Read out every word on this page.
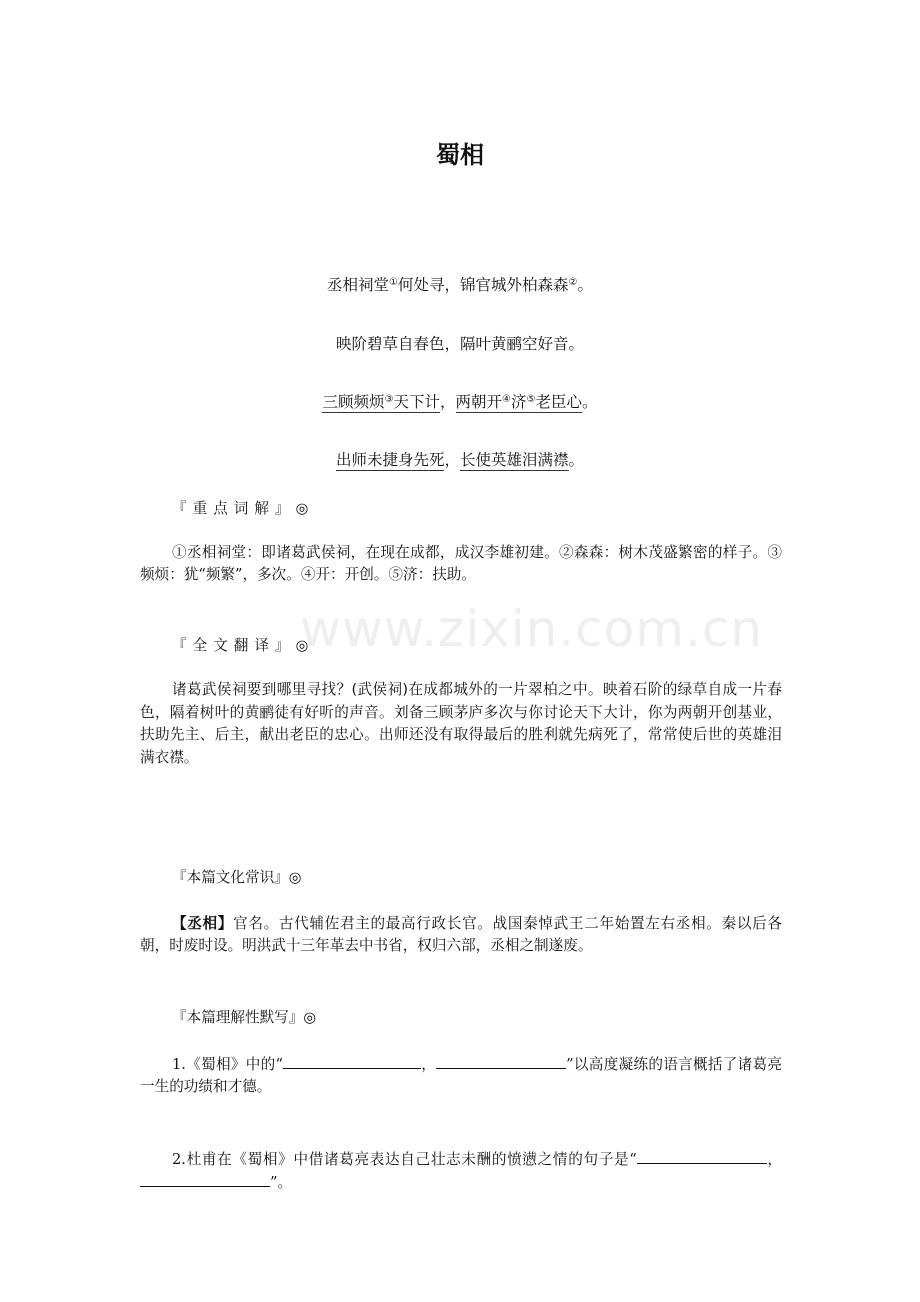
www.zixin.com.cn
蜀相
丞相祠堂①何处寻，锦官城外柏森森②。
映阶碧草自春色，隔叶黄鹂空好音。
三顾频烦③天下计，两朝开④济⑤老臣心。
出师未捷身先死，长使英雄泪满襟。
『重点词解』◎
①丞相祠堂：即诸葛武侯祠，在现在成都，成汉李雄初建。②森森：树木茂盛繁密的样子。③频烦：犹“频繁”，多次。④开：开创。⑤济：扶助。
『全文翻译』◎
诸葛武侯祠要到哪里寻找？(武侯祠)在成都城外的一片翠柏之中。映着石阶的绿草自成一片春色，隔着树叶的黄鹂徒有好听的声音。刘备三顾茅庐多次与你讨论天下大计，你为两朝开创基业，扶助先主、后主，献出老臣的忠心。出师还没有取得最后的胜利就先病死了，常常使后世的英雄泪满衣襟。
『本篇文化常识』◎
【丞相】官名。古代辅佐君主的最高行政长官。战国秦悼武王二年始置左右丞相。秦以后各朝，时废时设。明洪武十三年革去中书省，权归六部，丞相之制遂废。
『本篇理解性默写』◎
1.《蜀相》中的“	，	”以高度凝练的语言概括了诸葛亮一生的功绩和才德。
2.杜甫在《蜀相》中借诸葛亮表达自己壮志未酬的愤懑之情的句子是“	，”。
